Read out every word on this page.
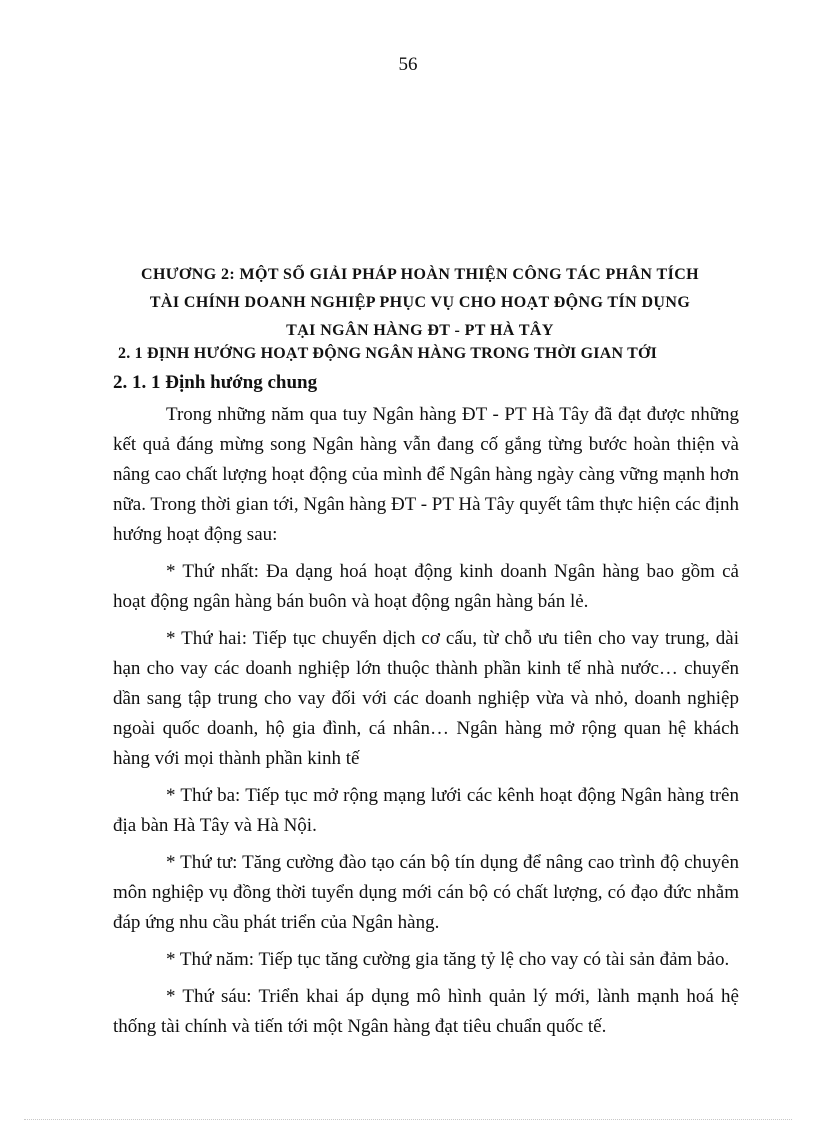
56
CHƯƠNG 2: MỘT SỐ GIẢI PHÁP HOÀN THIỆN CÔNG TÁC PHÂN TÍCH
TÀI CHÍNH DOANH NGHIỆP PHỤC VỤ CHO HOẠT ĐỘNG TÍN DỤNG
TẠI NGÂN HÀNG ĐT - PT HÀ TÂY
2. 1 ĐỊNH HƯỚNG HOẠT ĐỘNG NGÂN HÀNG TRONG THỜI GIAN TỚI
2. 1. 1 Định hướng chung

Trong những năm qua tuy Ngân hàng ĐT - PT Hà Tây đã đạt được những kết quả đáng mừng song Ngân hàng vẫn đang cố gắng từng bước hoàn thiện và nâng cao chất lượng hoạt động của mình để Ngân hàng ngày càng vững mạnh hơn nữa. Trong thời gian tới, Ngân hàng ĐT - PT Hà Tây quyết tâm thực hiện các định hướng hoạt động sau:

* Thứ nhất: Đa dạng hoá hoạt động kinh doanh Ngân hàng bao gồm cả hoạt động ngân hàng bán buôn và hoạt động ngân hàng bán lẻ.

* Thứ hai: Tiếp tục chuyển dịch cơ cấu, từ chỗ ưu tiên cho vay trung, dài hạn cho vay các doanh nghiệp lớn thuộc thành phần kinh tế nhà nước… chuyển dần sang tập trung cho vay đối với các doanh nghiệp vừa và nhỏ, doanh nghiệp ngoài quốc doanh, hộ gia đình, cá nhân… Ngân hàng mở rộng quan hệ khách hàng với mọi thành phần kinh tế

* Thứ ba: Tiếp tục mở rộng mạng lưới các kênh hoạt động Ngân hàng trên địa bàn Hà Tây và Hà Nội.

* Thứ tư: Tăng cường đào tạo cán bộ tín dụng để nâng cao trình độ chuyên môn nghiệp vụ đồng thời tuyển dụng mới cán bộ có chất lượng, có đạo đức nhằm đáp ứng nhu cầu phát triển của Ngân hàng.

* Thứ năm: Tiếp tục tăng cường gia tăng tỷ lệ cho vay có tài sản đảm bảo.

* Thứ sáu: Triển khai áp dụng mô hình quản lý mới, lành mạnh hoá hệ thống tài chính và tiến tới một Ngân hàng đạt tiêu chuẩn quốc tế.
